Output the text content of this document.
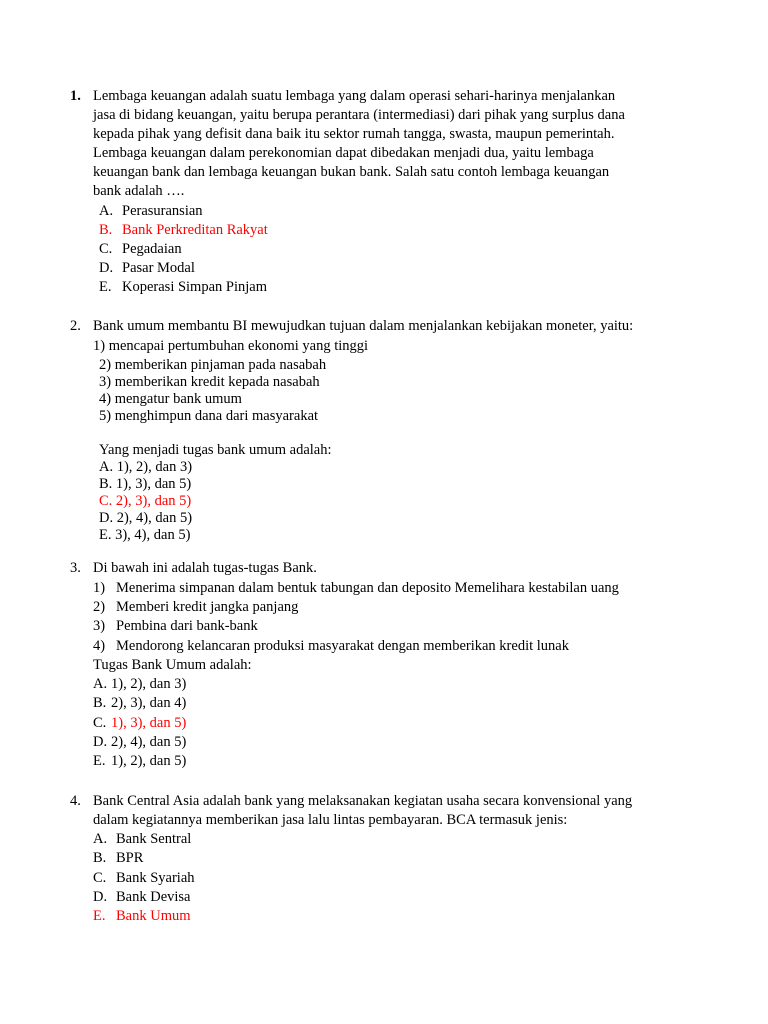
1. Lembaga keuangan adalah suatu lembaga yang dalam operasi sehari-harinya menjalankan
jasa di bidang keuangan, yaitu berupa perantara (intermediasi) dari pihak yang surplus dana
kepada pihak yang defisit dana baik itu sektor rumah tangga, swasta, maupun pemerintah.
Lembaga keuangan dalam perekonomian dapat dibedakan menjadi dua, yaitu lembaga
keuangan bank dan lembaga keuangan bukan bank. Salah satu contoh lembaga keuangan
bank adalah ….
A. Perasuransian
B. Bank Perkreditan Rakyat
C. Pegadaian
D. Pasar Modal
E. Koperasi Simpan Pinjam
2. Bank umum membantu BI mewujudkan tujuan dalam menjalankan kebijakan moneter, yaitu:
1) mencapai pertumbuhan ekonomi yang tinggi
2) memberikan pinjaman pada nasabah
3) memberikan kredit kepada nasabah
4) mengatur bank umum
5) menghimpun dana dari masyarakat
Yang menjadi tugas bank umum adalah:
A. 1), 2), dan 3)
B. 1), 3), dan 5)
C. 2), 3), dan 5)
D. 2), 4), dan 5)
E. 3), 4), dan 5)
3. Di bawah ini adalah tugas-tugas Bank.
1) Menerima simpanan dalam bentuk tabungan dan deposito Memelihara kestabilan uang
2) Memberi kredit jangka panjang
3) Pembina dari bank-bank
4) Mendorong kelancaran produksi masyarakat dengan memberikan kredit lunak
Tugas Bank Umum adalah:
A. 1), 2), dan 3)
B. 2), 3), dan 4)
C. 1), 3), dan 5)
D. 2), 4), dan 5)
E. 1), 2), dan 5)
4. Bank Central Asia adalah bank yang melaksanakan kegiatan usaha secara konvensional yang
dalam kegiatannya memberikan jasa lalu lintas pembayaran. BCA termasuk jenis:
A. Bank Sentral
B. BPR
C. Bank Syariah
D. Bank Devisa
E. Bank Umum
